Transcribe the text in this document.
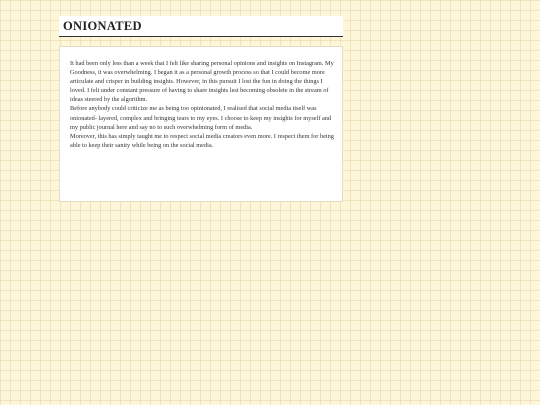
ONIONATED

It had been only less than a week that I felt like sharing personal opinions and insights on Instagram. My Goodness, it was overwhelming. I began it as a personal growth process so that I could become more articulate and crisper in building insights. However, in this pursuit I lost the fun in doing the things I loved. I felt under constant pressure of having to share insights lest becoming obsolete in the stream of ideas steered by the algorithm.

Before anybody could criticize me as being too opinionated, I realised that social media itself was onionated- layered, complex and bringing tears to my eyes. I choose to keep my insights for myself and my public journal here and say no to such overwhelming form of media.

Moreover, this has simply taught me to respect social media creators even more. I respect them for being able to keep their sanity while being on the social media.
